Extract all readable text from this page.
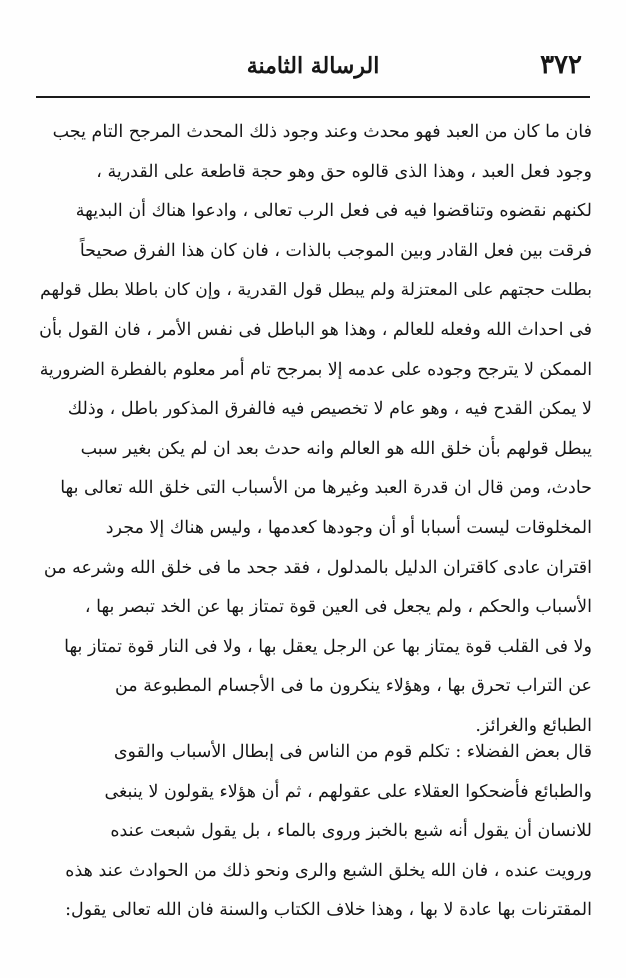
٣٧٢
الرسالة الثامنة
فان ما كان من العبد فهو محدث وعند وجود ذلك المحدث المرجح التام يجب
وجود فعل العبد ، وهذا الذى قالوه حق وهو حجة قاطعة على القدرية ،
لكنهم نقضوه وتناقضوا فيه فى فعل الرب تعالى ، وادعوا هناك أن البديهة
فرقت بين فعل القادر وبين الموجب بالذات ، فان كان هذا الفرق صحيحاً
بطلت حجتهم على المعتزلة ولم يبطل قول القدرية ، وإن كان باطلا بطل قولهم
فى احداث الله وفعله للعالم ، وهذا هو الباطل فى نفس الأمر ، فان القول بأن
الممكن لا يترجح وجوده على عدمه إلا بمرجح تام أمر معلوم بالفطرة الضرورية
لا يمكن القدح فيه ، وهو عام لا تخصيص فيه فالفرق المذكور باطل ، وذلك
يبطل قولهم بأن خلق الله هو العالم وانه حدث بعد ان لم يكن بغير سبب
حادث، ومن قال ان قدرة العبد وغيرها من الأسباب التى خلق الله تعالى بها
المخلوقات ليست أسبابا أو أن وجودها كعدمها ، وليس هناك إلا مجرد
اقتران عادى كاقتران الدليل بالمدلول ، فقد جحد ما فى خلق الله وشرعه من
الأسباب والحكم ، ولم يجعل فى العين قوة تمتاز بها عن الخد تبصر بها ،
ولا فى القلب قوة يمتاز بها عن الرجل يعقل بها ، ولا فى النار قوة تمتاز بها
عن التراب تحرق بها ، وهؤلاء ينكرون ما فى الأجسام المطبوعة من
الطبائع والغرائز.
قال بعض الفضلاء : تكلم قوم من الناس فى إبطال الأسباب والقوى
والطبائع فأضحكوا العقلاء على عقولهم ، ثم أن هؤلاء يقولون لا ينبغى
للانسان أن يقول أنه شبع بالخبز وروى بالماء ، بل يقول شبعت عنده
ورويت عنده ، فان الله يخلق الشبع والرى ونحو ذلك من الحوادث عند هذه
المقترنات بها عادة لا بها ، وهذا خلاف الكتاب والسنة فان الله تعالى يقول:
